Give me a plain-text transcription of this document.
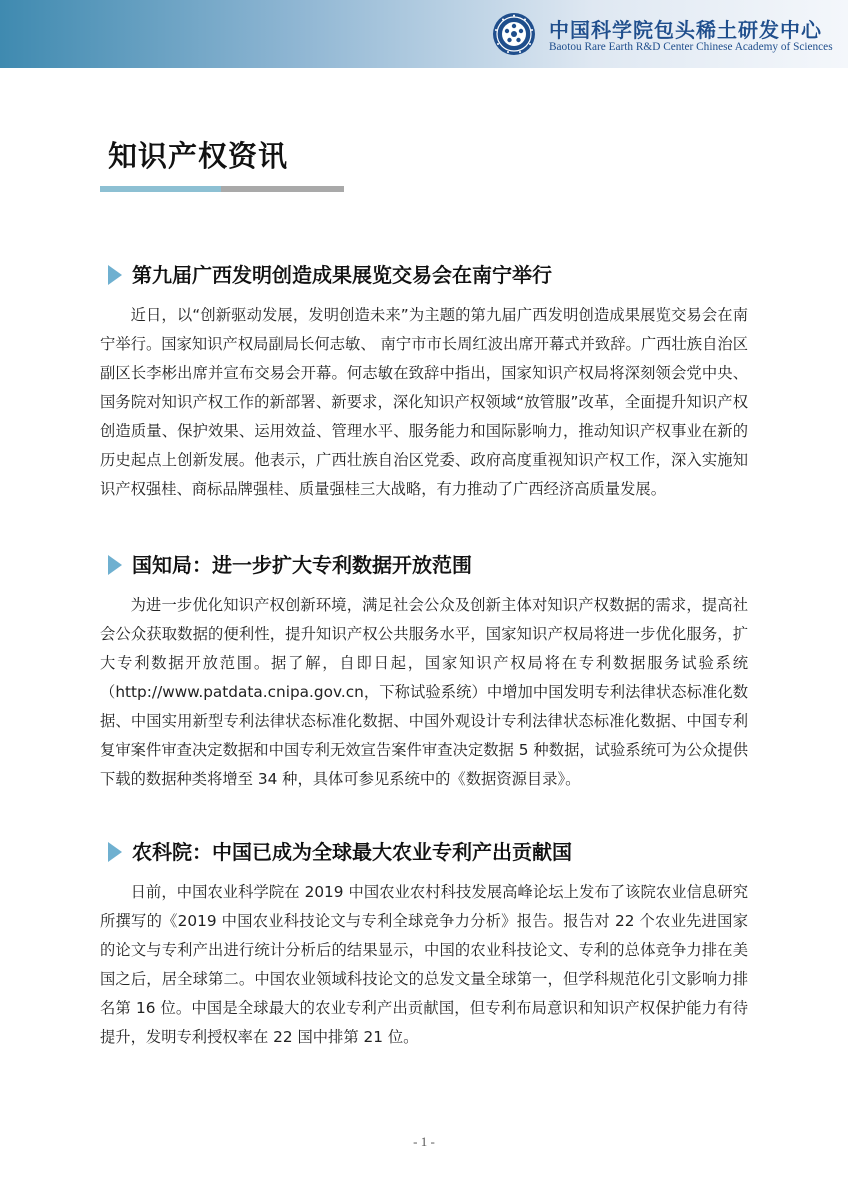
中国科学院包头稀土研发中心
Baotou Rare Earth R&D Center Chinese Academy of Sciences
知识产权资讯
第九届广西发明创造成果展览交易会在南宁举行
近日，以“创新驱动发展，发明创造未来”为主题的第九届广西发明创造成果展览交易会在南宁举行。国家知识产权局副局长何志敏、 南宁市市长周红波出席开幕式并致辞。广西壮族自治区副区长李彬出席并宣布交易会开幕。何志敏在致辞中指出，国家知识产权局将深刻领会党中央、国务院对知识产权工作的新部署、新要求，深化知识产权领域“放管服”改革，全面提升知识产权创造质量、保护效果、运用效益、管理水平、服务能力和国际影响力，推动知识产权事业在新的历史起点上创新发展。他表示，广西壮族自治区党委、政府高度重视知识产权工作，深入实施知识产权强桂、商标品牌强桂、质量强桂三大战略，有力推动了广西经济高质量发展。
国知局：进一步扩大专利数据开放范围
为进一步优化知识产权创新环境，满足社会公众及创新主体对知识产权数据的需求，提高社会公众获取数据的便利性，提升知识产权公共服务水平，国家知识产权局将进一步优化服务，扩大专利数据开放范围。据了解，自即日起，国家知识产权局将在专利数据服务试验系统（http://www.patdata.cnipa.gov.cn，下称试验系统）中增加中国发明专利法律状态标准化数据、中国实用新型专利法律状态标准化数据、中国外观设计专利法律状态标准化数据、中国专利复审案件审查决定数据和中国专利无效宣告案件审查决定数据 5 种数据，试验系统可为公众提供下载的数据种类将增至 34 种，具体可参见系统中的《数据资源目录》。
农科院：中国已成为全球最大农业专利产出贡献国
日前，中国农业科学院在 2019 中国农业农村科技发展高峰论坛上发布了该院农业信息研究所撰写的《2019 中国农业科技论文与专利全球竞争力分析》报告。报告对 22 个农业先进国家的论文与专利产出进行统计分析后的结果显示，中国的农业科技论文、专利的总体竞争力排在美国之后，居全球第二。中国农业领域科技论文的总发文量全球第一，但学科规范化引文影响力排名第 16 位。中国是全球最大的农业专利产出贡献国，但专利布局意识和知识产权保护能力有待提升，发明专利授权率在 22 国中排第 21 位。
- 1 -
